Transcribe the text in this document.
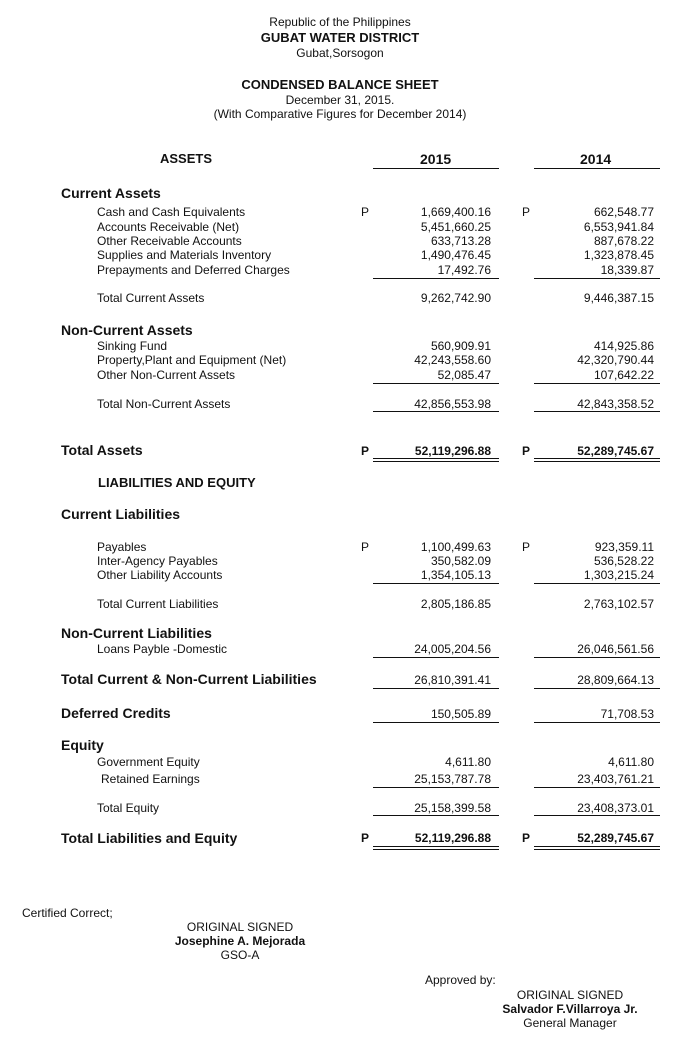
Republic of the Philippines
GUBAT WATER DISTRICT
Gubat,Sorsogon
CONDENSED BALANCE SHEET
December 31, 2015.
(With Comparative Figures for December 2014)
ASSETS	2015	2014
Current Assets
P	P
Cash and Cash Equivalents	1,669,400.16	662,548.77
Accounts Receivable (Net)	5,451,660.25	6,553,941.84
Other Receivable Accounts	633,713.28	887,678.22
Supplies and Materials Inventory	1,490,476.45	1,323,878.45
Prepayments and Deferred Charges	17,492.76	18,339.87
Total Current Assets	9,262,742.90	9,446,387.15
Non-Current Assets
Sinking Fund	560,909.91	414,925.86
Property,Plant and Equipment (Net)	42,243,558.60	42,320,790.44
Other Non-Current Assets	52,085.47	107,642.22
Total Non-Current Assets	42,856,553.98	42,843,358.52
Total Assets	P	52,119,296.88	P	52,289,745.67
LIABILITIES AND EQUITY
Current Liabilities
P	P
Payables	1,100,499.63	923,359.11
Inter-Agency Payables	350,582.09	536,528.22
Other Liability Accounts	1,354,105.13	1,303,215.24
Total Current Liabilities	2,805,186.85	2,763,102.57
Non-Current Liabilities
Loans Payble -Domestic	24,005,204.56	26,046,561.56
Total Current & Non-Current Liabilities	26,810,391.41	28,809,664.13
Deferred Credits	150,505.89	71,708.53
Equity
Government Equity	4,611.80	4,611.80
Retained Earnings	25,153,787.78	23,403,761.21
Total Equity	25,158,399.58	23,408,373.01
Total Liabilities and Equity	P	52,119,296.88	P	52,289,745.67
Certified Correct;
ORIGINAL SIGNED
Josephine A. Mejorada
GSO-A
Approved by:
ORIGINAL SIGNED
Salvador F.Villarroya Jr.
General Manager
